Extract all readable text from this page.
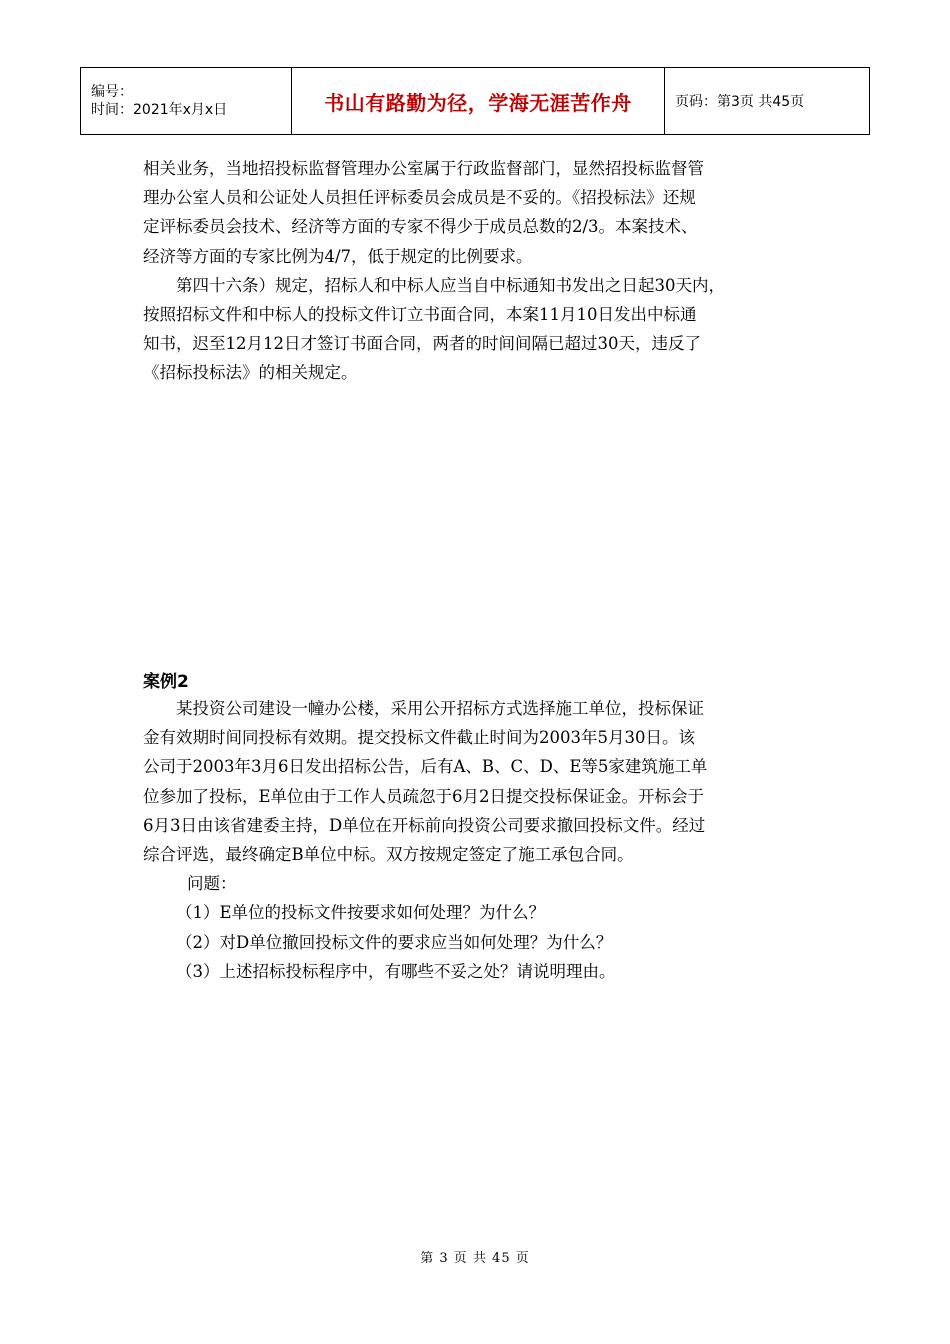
编号：
时间：2021年x月x日	书山有路勤为径，学海无涯苦作舟	页码：第3页 共45页

相关业务，当地招投标监督管理办公室属于行政监督部门，显然招投标监督管
理办公室人员和公证处人员担任评标委员会成员是不妥的。《招投标法》还规
定评标委员会技术、经济等方面的专家不得少于成员总数的2/3。本案技术、
经济等方面的专家比例为4/7，低于规定的比例要求。

第四十六条）规定，招标人和中标人应当自中标通知书发出之日起30天内，
按照招标文件和中标人的投标文件订立书面合同，本案11月10日发出中标通
知书，迟至12月12日才签订书面合同，两者的时间间隔已超过30天，违反了
《招标投标法》的相关规定。

案例2

某投资公司建设一幢办公楼，采用公开招标方式选择施工单位，投标保证
金有效期时间同投标有效期。提交投标文件截止时间为2003年5月30日。该
公司于2003年3月6日发出招标公告，后有A、B、C、D、E等5家建筑施工单
位参加了投标，E单位由于工作人员疏忽于6月2日提交投标保证金。开标会于
6月3日由该省建委主持，D单位在开标前向投资公司要求撤回投标文件。经过
综合评选，最终确定B单位中标。双方按规定签定了施工承包合同。

问题：
（1）E单位的投标文件按要求如何处理？为什么？
（2）对D单位撤回投标文件的要求应当如何处理？为什么？
（3）上述招标投标程序中，有哪些不妥之处？请说明理由。
第 3 页 共 45 页
